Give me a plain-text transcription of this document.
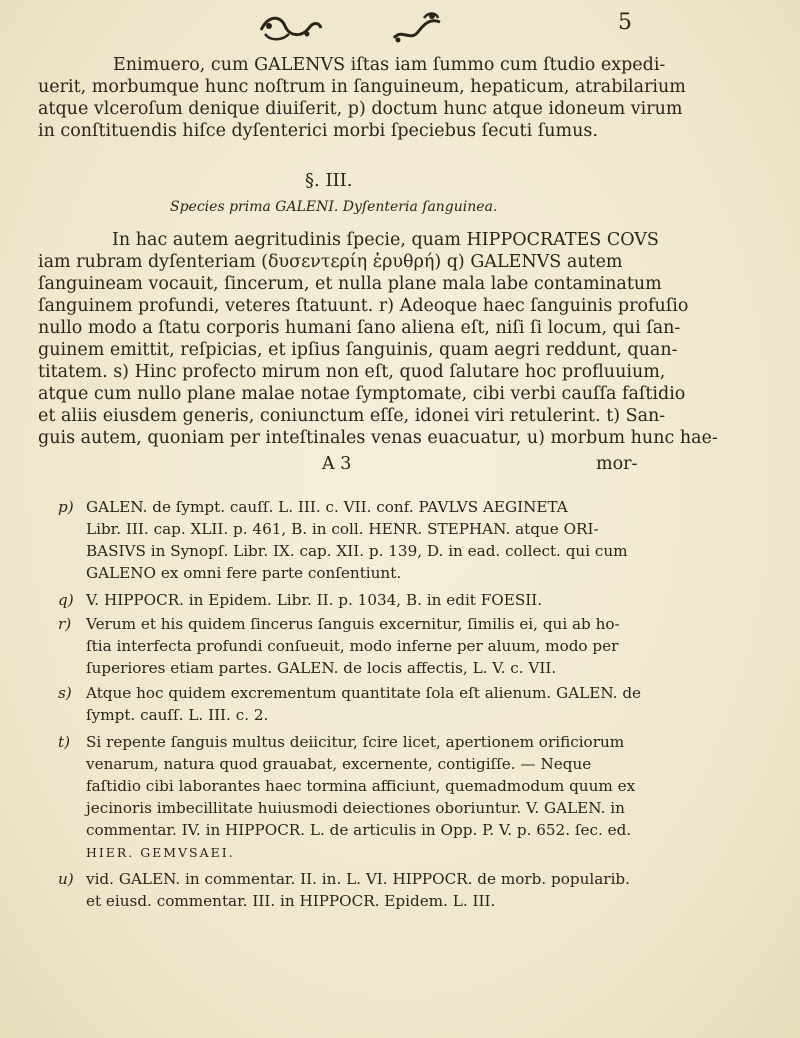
5
Enimuero, cum GALENVS iſtas iam ſummo cum ſtudio expedi-
uerit, morbumque hunc noſtrum in ſanguineum, hepaticum, atrabilarium
atque vlceroſum denique diuiſerit, p) doctum hunc atque idoneum virum
in conſtituendis hiſce dyſenterici morbi ſpeciebus ſecuti ſumus.
§. III.
Species prima GALENI. Dyſenteria ſanguinea.
In hac autem aegritudinis ſpecie, quam HIPPOCRATES COVS
iam rubram dyſenteriam (δυσεντερίη ἐρυθρή) q) GALENVS autem
ſanguineam vocauit, ſincerum, et nulla plane mala labe contaminatum
ſanguinem profundi, veteres ſtatuunt. r) Adeoque haec ſanguinis profuſio
nullo modo a ſtatu corporis humani ſano aliena eſt, niſi ſi locum, qui ſan-
guinem emittit, reſpicias, et ipſius ſanguinis, quam aegri reddunt, quan-
titatem. s) Hinc profecto mirum non eſt, quod ſalutare hoc profluuium,
atque cum nullo plane malae notae ſymptomate, cibi verbi cauſſa faſtidio
et aliis eiusdem generis, coniunctum eſſe, idonei viri retulerint. t) San-
guis autem, quoniam per inteſtinales venas euacuatur, u) morbum hunc hae-
A 3	mor-
p) GALEN. de ſympt. cauſſ. L. III. c. VII. conf. PAVLVS AEGINETA
Libr. III. cap. XLII. p. 461, B. in coll. HENR. STEPHAN. atque ORI-
BASIVS in Synopſ. Libr. IX. cap. XII. p. 139, D. in ead. collect. qui cum
GALENO ex omni fere parte conſentiunt.
q) V. HIPPOCR. in Epidem. Libr. II. p. 1034, B. in edit FOESII.
r) Verum et his quidem ſincerus ſanguis excernitur, ſimilis ei, qui ab ho-
ſtia interfecta profundi conſueuit, modo inferne per aluum, modo per
ſuperiores etiam partes. GALEN. de locis affectis, L. V. c. VII.
s) Atque hoc quidem excrementum quantitate ſola eſt alienum. GALEN. de
ſympt. cauſſ. L. III. c. 2.
t) Si repente ſanguis multus deiicitur, ſcire licet, apertionem orificiorum
venarum, natura quod grauabat, excernente, contigiſſe. — Neque
faſtidio cibi laborantes haec tormina afficiunt, quemadmodum quum ex
jecinoris imbecillitate huiusmodi deiectiones oboriuntur. V. GALEN. in
commentar. IV. in HIPPOCR. L. de articulis in Opp. P. V. p. 652. ſec. ed.
HIER. GEMVSAEI.
u) vid. GALEN. in commentar. II. in. L. VI. HIPPOCR. de morb. popularib.
et eiusd. commentar. III. in HIPPOCR. Epidem. L. III.
